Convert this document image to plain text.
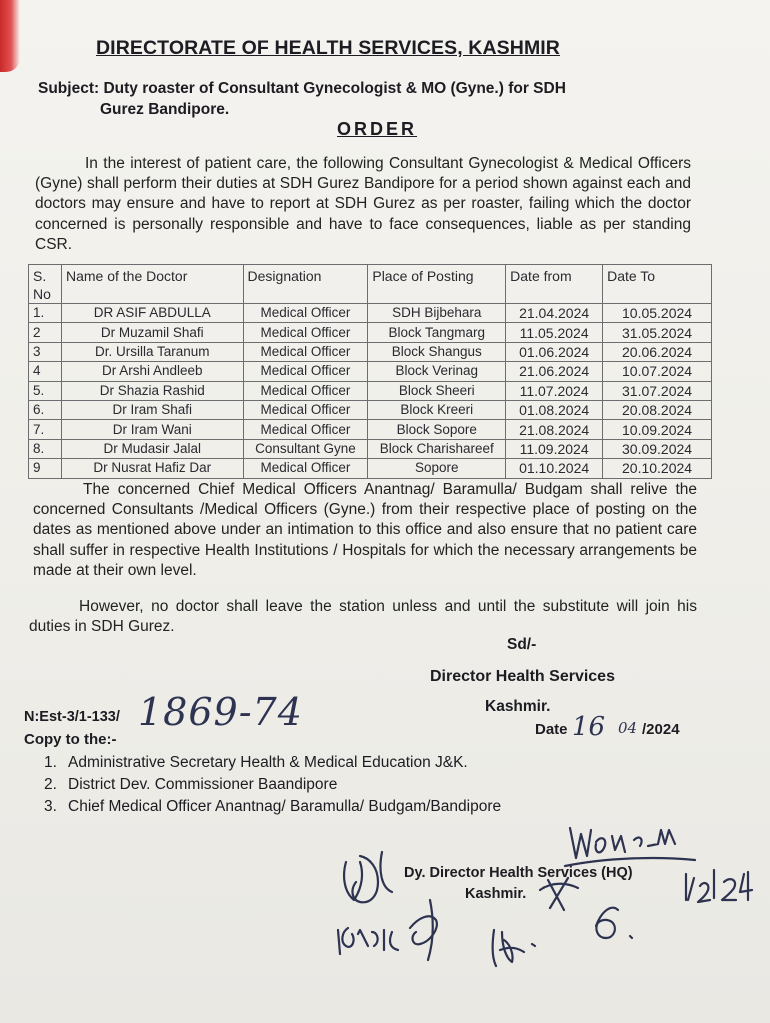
DIRECTORATE OF HEALTH SERVICES, KASHMIR
Subject: Duty roaster of Consultant Gynecologist & MO (Gyne.) for SDH
Gurez Bandipore.
ORDER
In the interest of patient care, the following Consultant Gynecologist & Medical Officers (Gyne) shall perform their duties at SDH Gurez Bandipore for a period shown against each and doctors may ensure and have to report at SDH Gurez as per roaster, failing which the doctor concerned is personally responsible and have to face consequences, liable as per standing CSR.
S. No	Name of the Doctor	Designation	Place of Posting	Date from	Date To
1.	DR ASIF ABDULLA	Medical Officer	SDH Bijbehara	21.04.2024	10.05.2024
2	Dr Muzamil Shafi	Medical Officer	Block Tangmarg	11.05.2024	31.05.2024
3	Dr. Ursilla Taranum	Medical Officer	Block Shangus	01.06.2024	20.06.2024
4	Dr Arshi Andleeb	Medical Officer	Block Verinag	21.06.2024	10.07.2024
5.	Dr Shazia Rashid	Medical Officer	Block Sheeri	11.07.2024	31.07.2024
6.	Dr Iram Shafi	Medical Officer	Block Kreeri	01.08.2024	20.08.2024
7.	Dr Iram Wani	Medical Officer	Block Sopore	21.08.2024	10.09.2024
8.	Dr Mudasir Jalal	Consultant Gyne	Block Charishareef	11.09.2024	30.09.2024
9	Dr Nusrat Hafiz Dar	Medical Officer	Sopore	01.10.2024	20.10.2024
The concerned Chief Medical Officers Anantnag/ Baramulla/ Budgam shall relive the concerned Consultants /Medical Officers (Gyne.) from their respective place of posting on the dates as mentioned above under an intimation to this office and also ensure that no patient care shall suffer in respective Health Institutions / Hospitals for which the necessary arrangements be made at their own level.
However, no doctor shall leave the station unless and until the substitute will join his duties in SDH Gurez.
Sd/-
Director Health Services
Kashmir.
N:Est-3/1-133/ 1869-74	Date 16 04 /2024
Copy to the:-
1. Administrative Secretary Health & Medical Education J&K.
2. District Dev. Commissioner Baandipore
3. Chief Medical Officer Anantnag/ Baramulla/ Budgam/Bandipore
Dy. Director Health Services (HQ)
Kashmir.
